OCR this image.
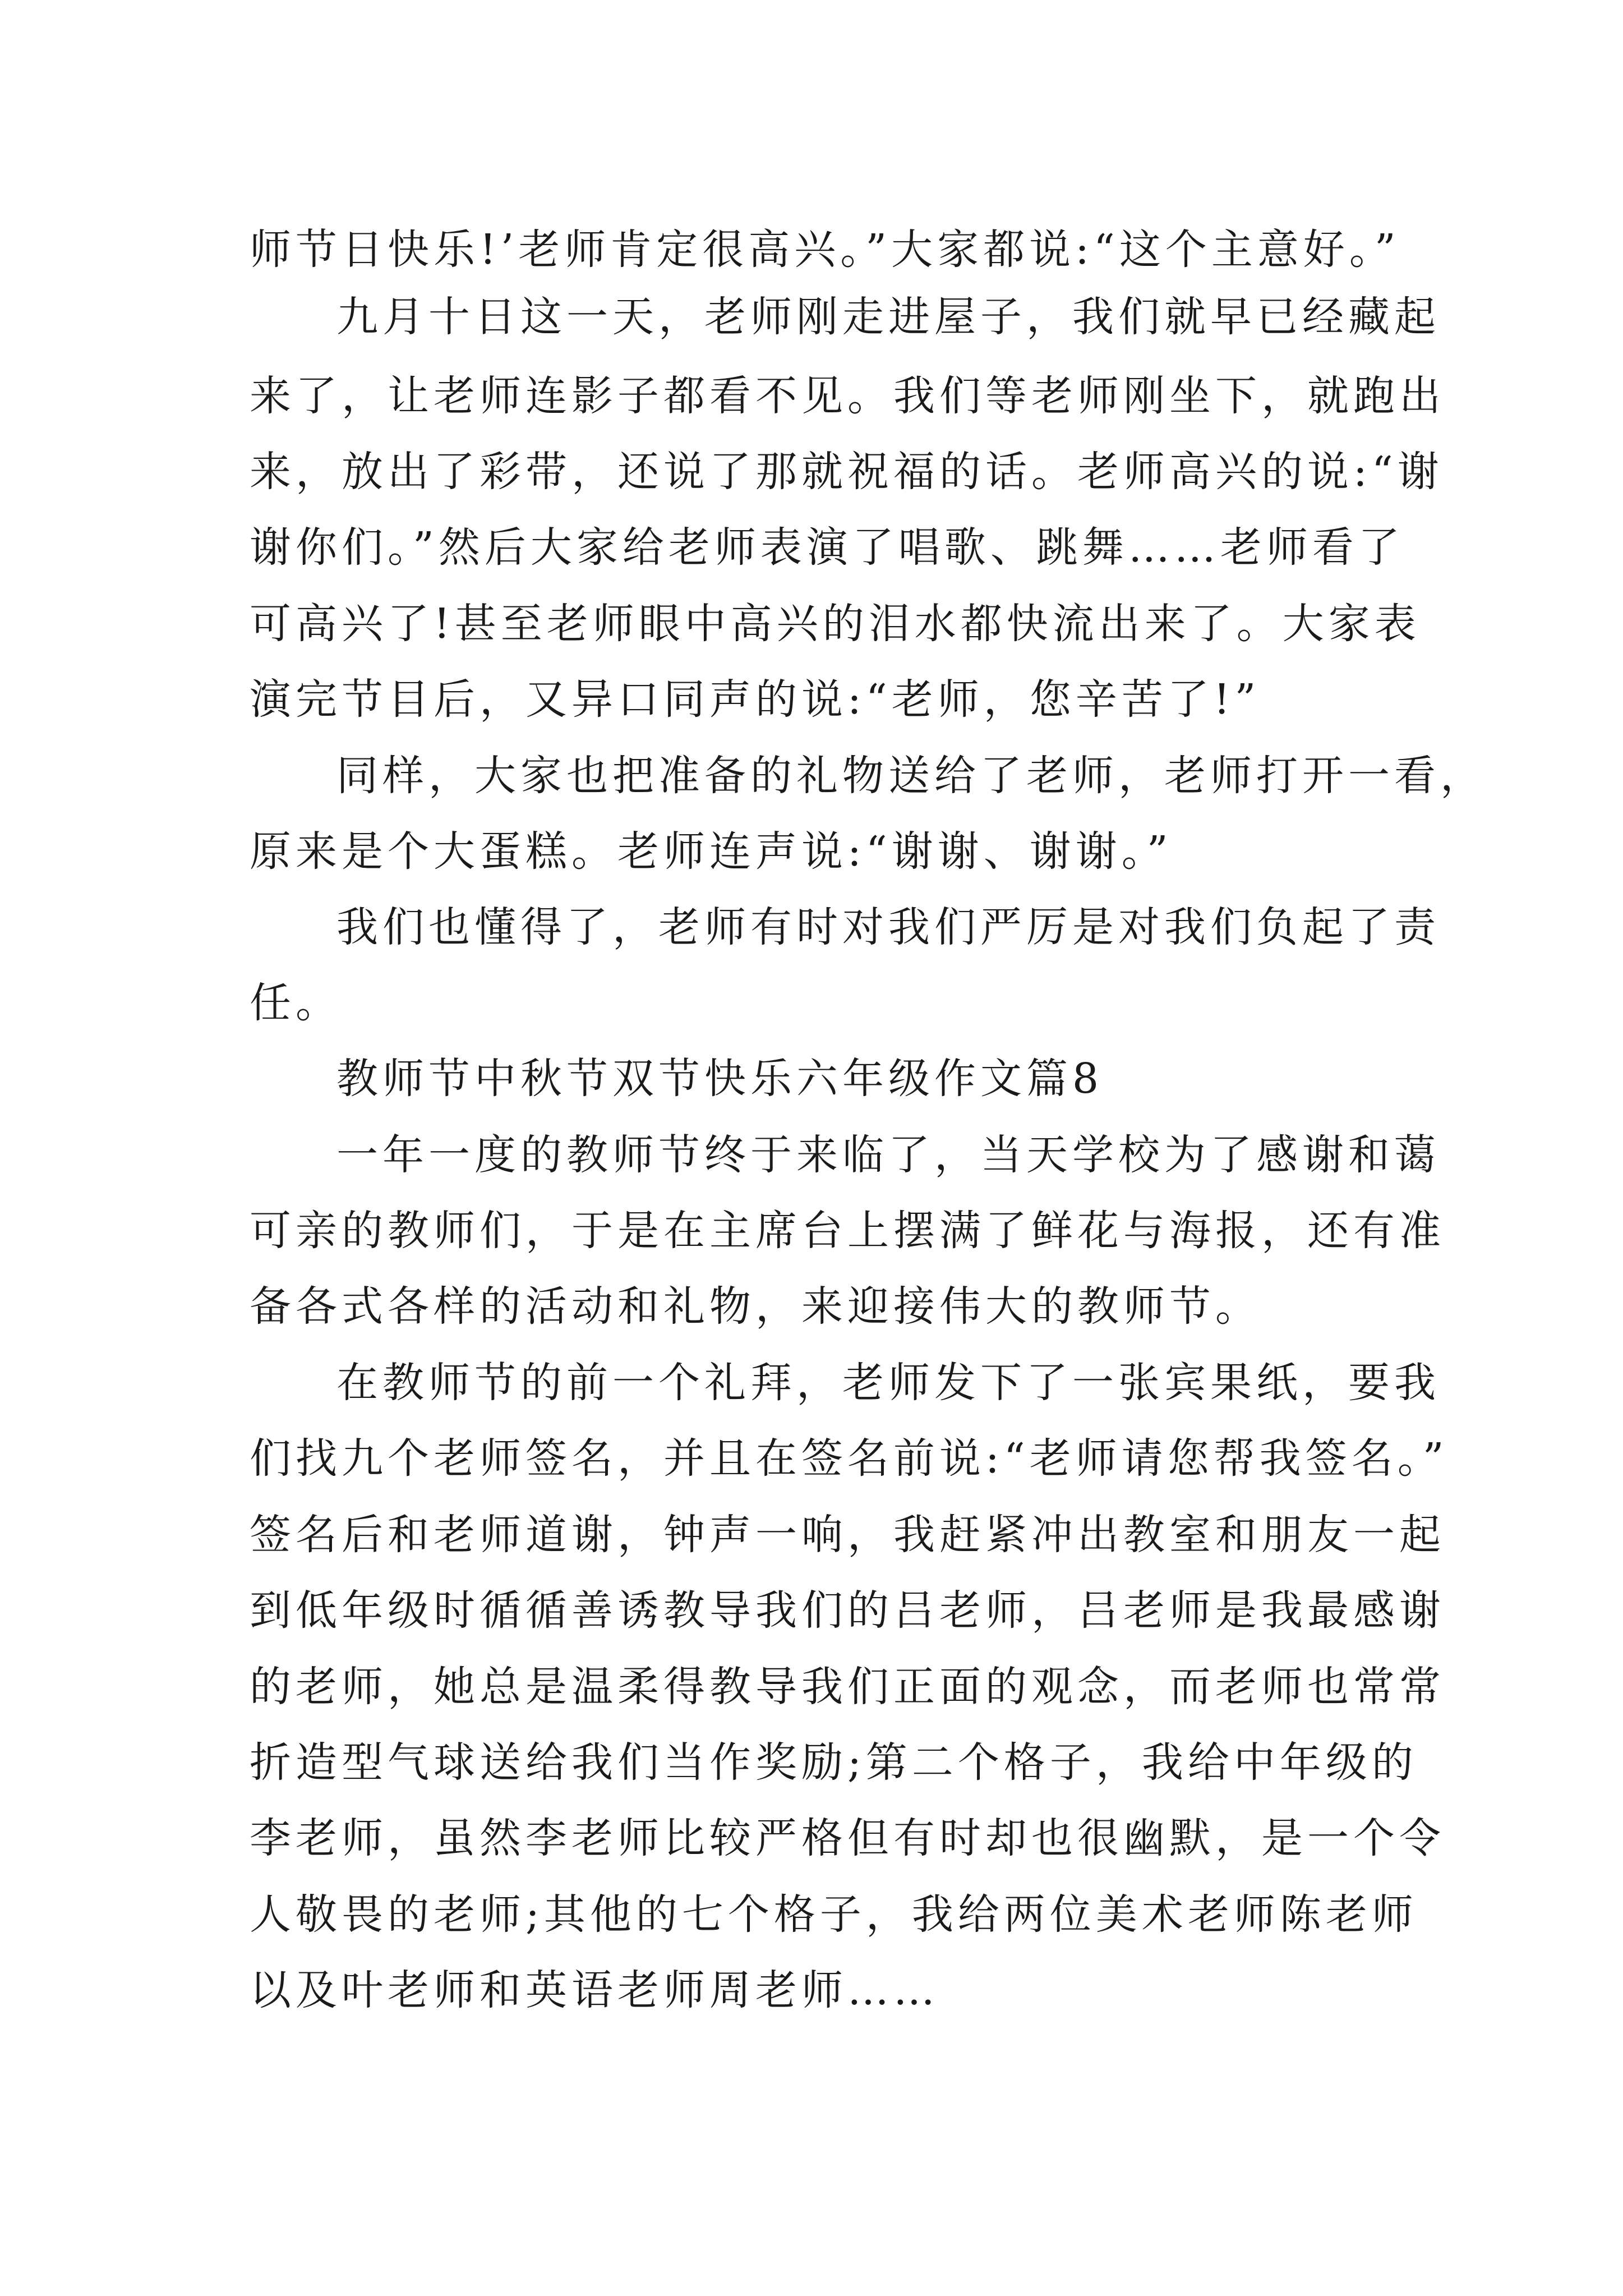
师节日快乐!’老师肯定很高兴。”大家都说:“这个主意好。”
九月十日这一天，老师刚走进屋子，我们就早已经藏起
来了，让老师连影子都看不见。我们等老师刚坐下，就跑出
来，放出了彩带，还说了那就祝福的话。老师高兴的说:“谢
谢你们。”然后大家给老师表演了唱歌、跳舞……老师看了
可高兴了!甚至老师眼中高兴的泪水都快流出来了。大家表
演完节目后，又异口同声的说:“老师，您辛苦了!”
同样，大家也把准备的礼物送给了老师，老师打开一看，
原来是个大蛋糕。老师连声说:“谢谢、谢谢。”
我们也懂得了，老师有时对我们严厉是对我们负起了责
任。
教师节中秋节双节快乐六年级作文篇8
一年一度的教师节终于来临了，当天学校为了感谢和蔼
可亲的教师们，于是在主席台上摆满了鲜花与海报，还有准
备各式各样的活动和礼物，来迎接伟大的教师节。
在教师节的前一个礼拜，老师发下了一张宾果纸，要我
们找九个老师签名，并且在签名前说:“老师请您帮我签名。”
签名后和老师道谢，钟声一响，我赶紧冲出教室和朋友一起
到低年级时循循善诱教导我们的吕老师，吕老师是我最感谢
的老师，她总是温柔得教导我们正面的观念，而老师也常常
折造型气球送给我们当作奖励;第二个格子，我给中年级的
李老师，虽然李老师比较严格但有时却也很幽默，是一个令
人敬畏的老师;其他的七个格子，我给两位美术老师陈老师
以及叶老师和英语老师周老师……
